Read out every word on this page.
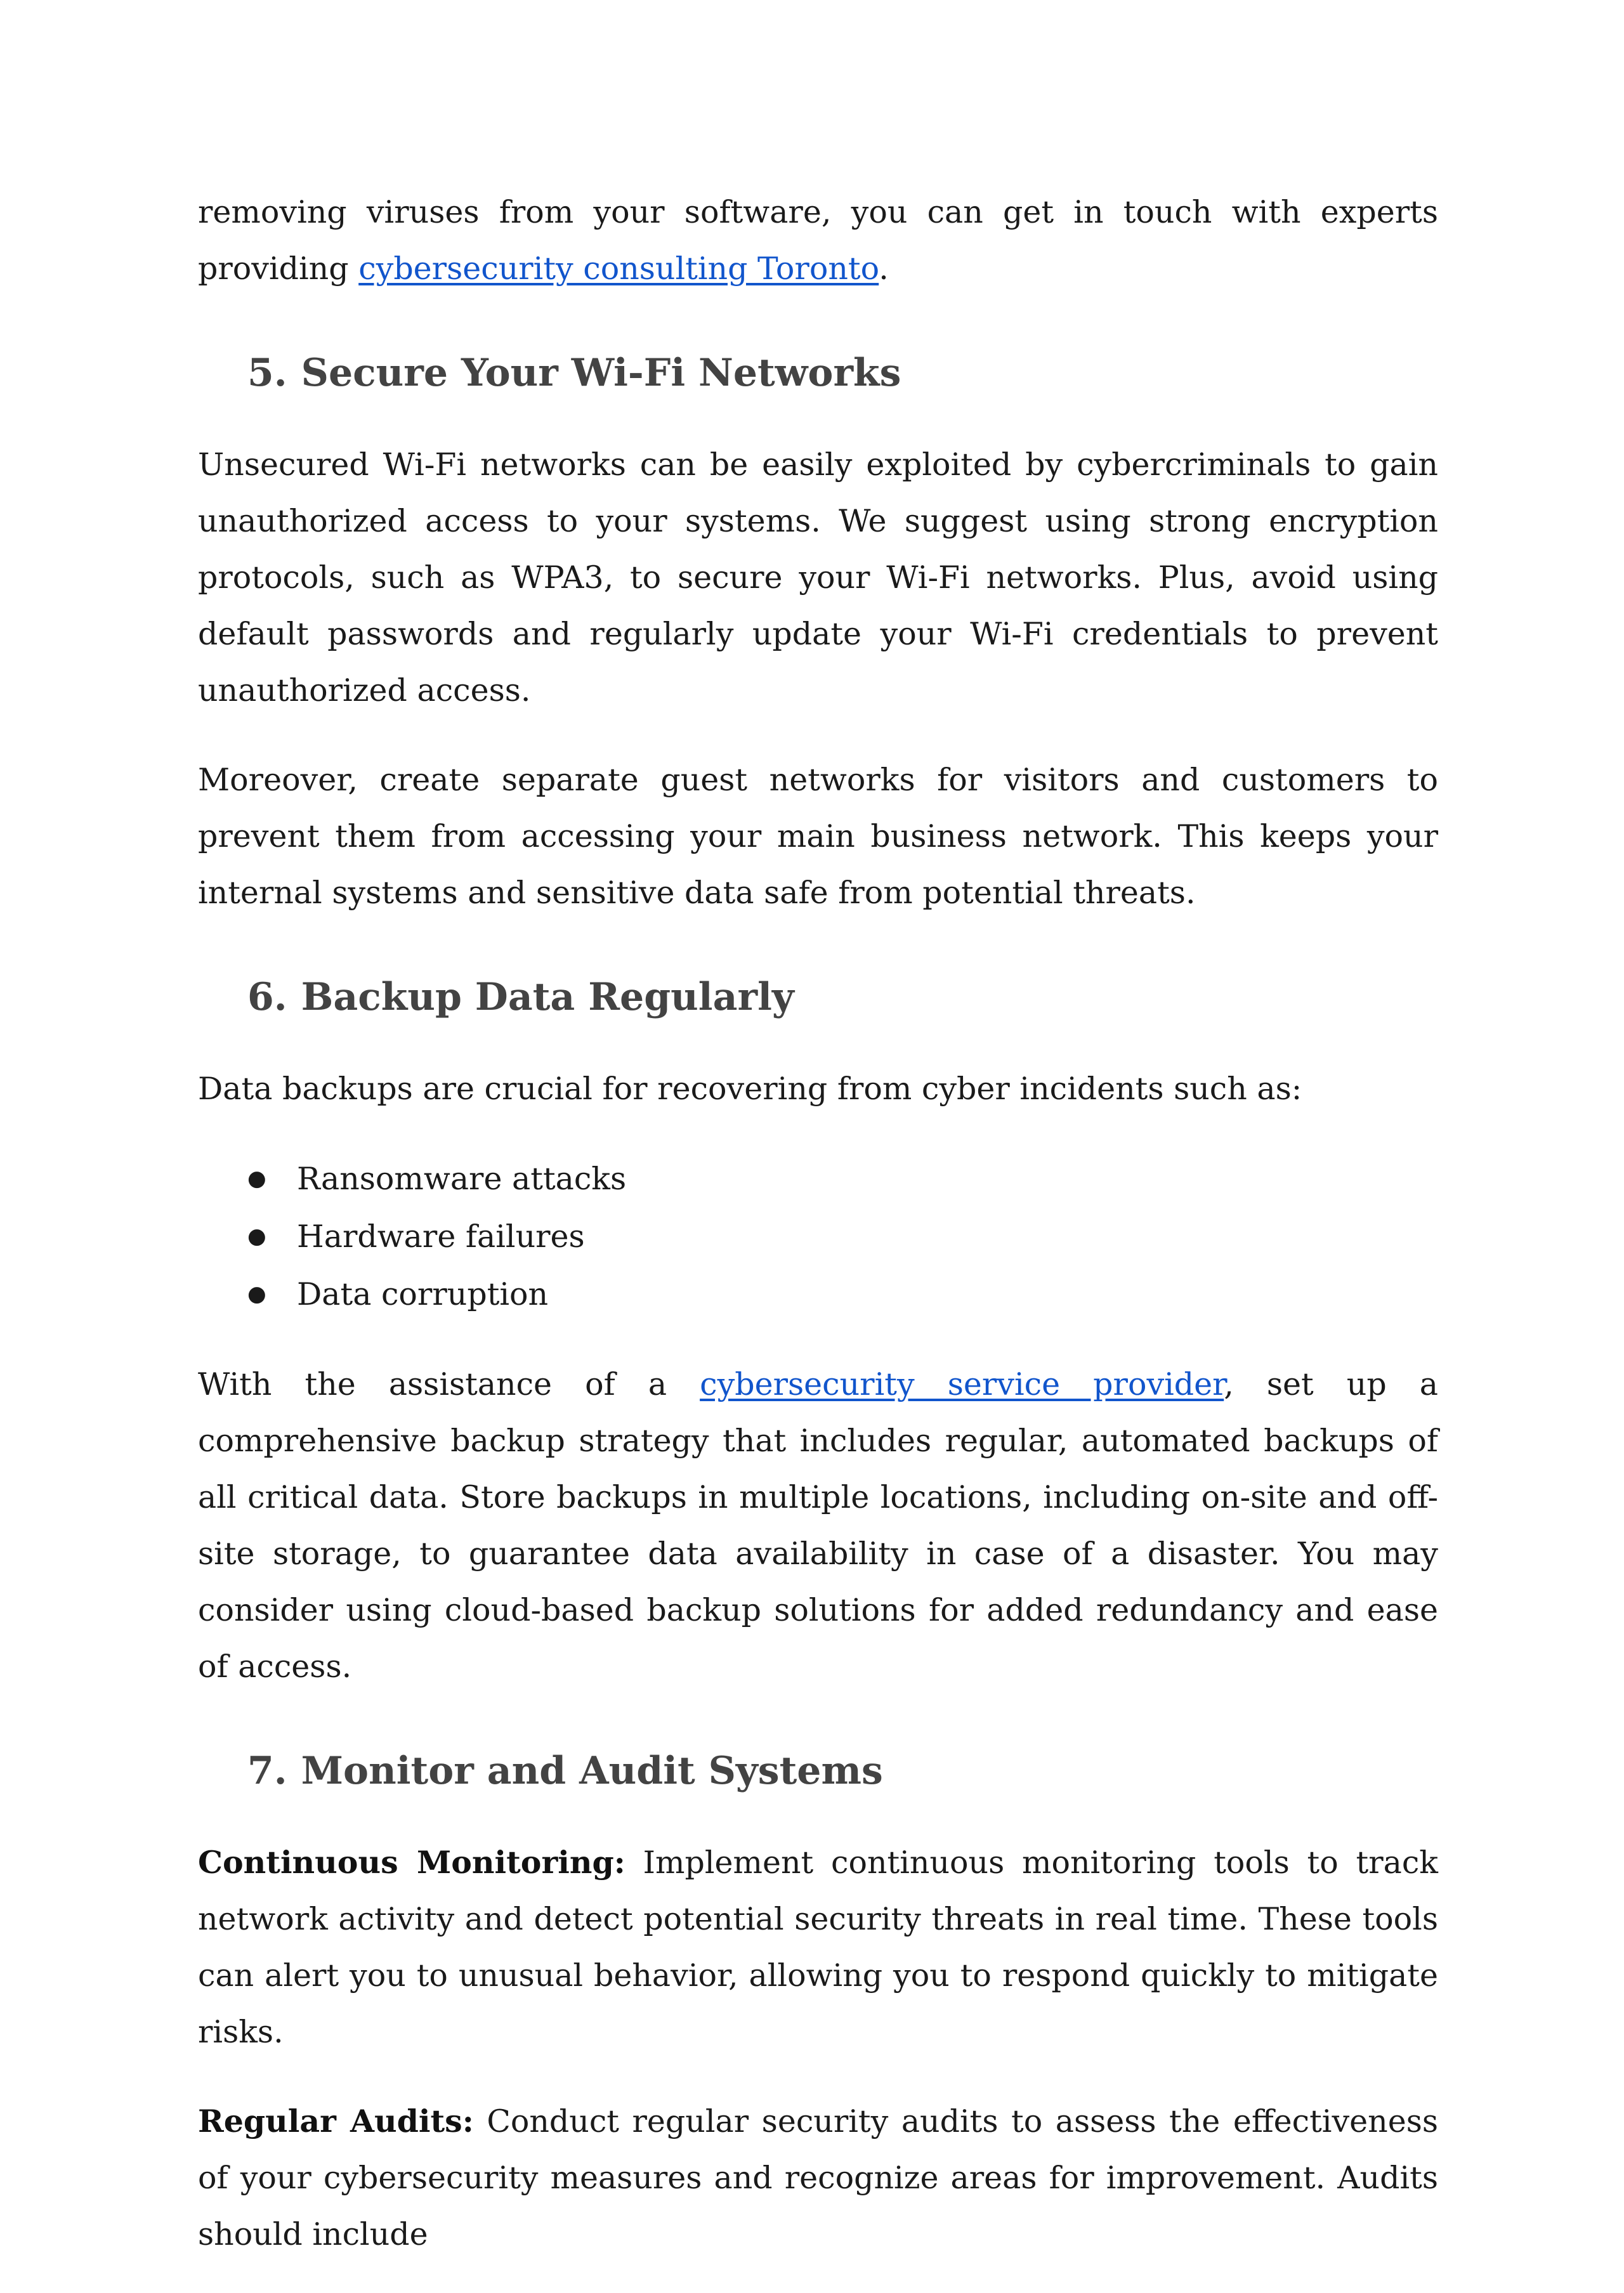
removing viruses from your software, you can get in touch with experts providing cybersecurity consulting Toronto.

5. Secure Your Wi-Fi Networks

Unsecured Wi-Fi networks can be easily exploited by cybercriminals to gain unauthorized access to your systems. We suggest using strong encryption protocols, such as WPA3, to secure your Wi-Fi networks. Plus, avoid using default passwords and regularly update your Wi-Fi credentials to prevent unauthorized access.

Moreover, create separate guest networks for visitors and customers to prevent them from accessing your main business network. This keeps your internal systems and sensitive data safe from potential threats.

6. Backup Data Regularly

Data backups are crucial for recovering from cyber incidents such as:

● Ransomware attacks
● Hardware failures
● Data corruption

With the assistance of a cybersecurity service provider, set up a comprehensive backup strategy that includes regular, automated backups of all critical data. Store backups in multiple locations, including on-site and off-site storage, to guarantee data availability in case of a disaster. You may consider using cloud-based backup solutions for added redundancy and ease of access.

7. Monitor and Audit Systems

Continuous Monitoring: Implement continuous monitoring tools to track network activity and detect potential security threats in real time. These tools can alert you to unusual behavior, allowing you to respond quickly to mitigate risks.

Regular Audits: Conduct regular security audits to assess the effectiveness of your cybersecurity measures and recognize areas for improvement. Audits should include
